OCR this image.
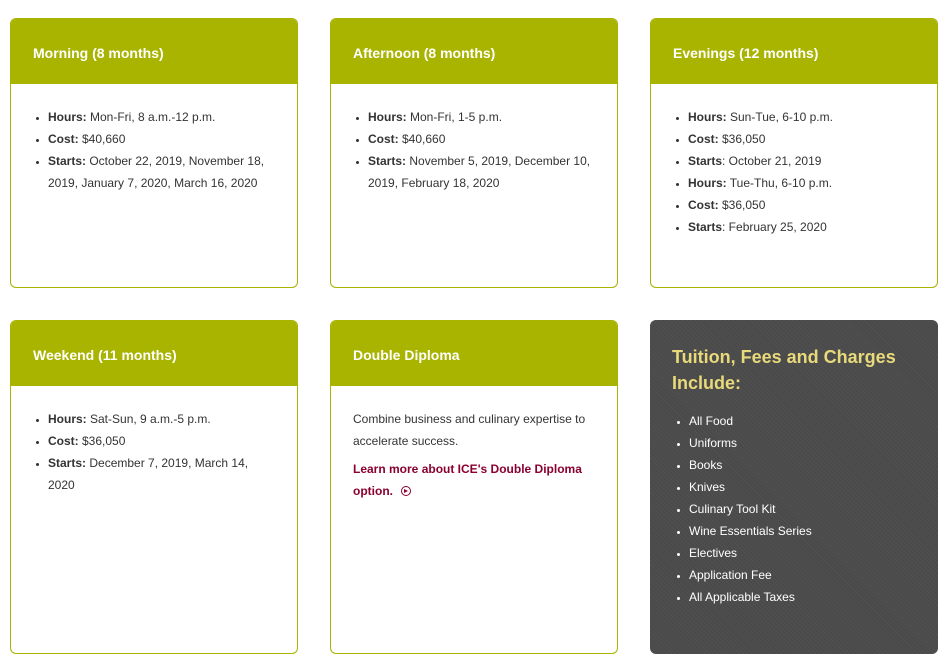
Morning (8 months)
• Hours: Mon-Fri, 8 a.m.-12 p.m.
• Cost: $40,660
• Starts: October 22, 2019, November 18, 2019, January 7, 2020, March 16, 2020
Afternoon (8 months)
• Hours: Mon-Fri, 1-5 p.m.
• Cost: $40,660
• Starts: November 5, 2019, December 10, 2019, February 18, 2020
Evenings (12 months)
• Hours: Sun-Tue, 6-10 p.m.
• Cost: $36,050
• Starts: October 21, 2019
• Hours: Tue-Thu, 6-10 p.m.
• Cost: $36,050
• Starts: February 25, 2020
Weekend (11 months)
• Hours: Sat-Sun, 9 a.m.-5 p.m.
• Cost: $36,050
• Starts: December 7, 2019, March 14, 2020
Double Diploma

Combine business and culinary expertise to accelerate success.

Learn more about ICE's Double Diploma option.
Tuition, Fees and Charges Include:
• All Food
• Uniforms
• Books
• Knives
• Culinary Tool Kit
• Wine Essentials Series
• Electives
• Application Fee
• All Applicable Taxes
